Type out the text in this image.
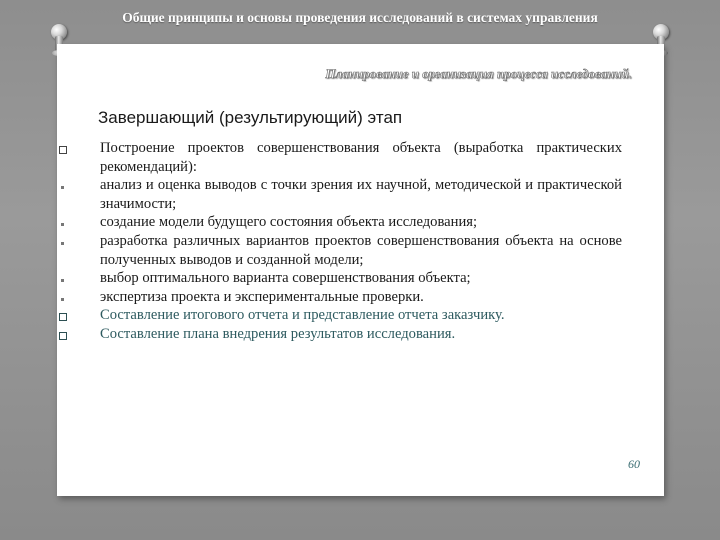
Общие принципы и основы проведения исследований в системах управления
Планирование и организация процесса исследований.
Завершающий (результирующий) этап
Построение проектов совершенствования объекта (выработка практических рекомендаций):
анализ и оценка выводов с точки зрения их научной, методической и практической значимости;
создание модели будущего состояния объекта исследования;
разработка различных вариантов проектов совершенствования объекта на основе полученных выводов и созданной модели;
выбор оптимального варианта совершенствования объекта;
экспертиза проекта и экспериментальные проверки.
Составление итогового отчета и представление отчета заказчику.
Составление плана внедрения результатов исследования.
60
